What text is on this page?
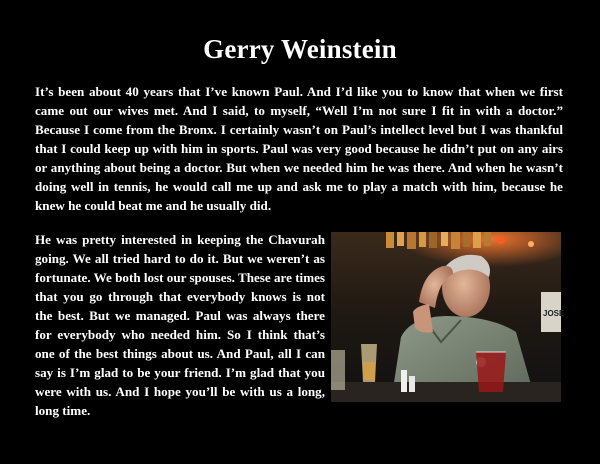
Gerry Weinstein
It’s been about 40 years that I’ve known Paul. And I’d like you to know that when we first came out our wives met. And I said, to myself, “Well I’m not sure I fit in with a doctor.” Because I come from the Bronx. I certainly wasn’t on Paul’s intellect level but I was thankful that I could keep up with him in sports. Paul was very good because he didn’t put on any airs or anything about being a doctor. But when we needed him he was there. And when he wasn’t doing well in tennis, he would call me up and ask me to play a match with him, because he knew he could beat me and he usually did.
He was pretty interested in keeping the Chavurah going. We all tried hard to do it. But we weren’t as fortunate. We both lost our spouses. These are times that you go through that everybody knows is not the best. But we managed. Paul was always there for everybody who needed him. So I think that’s one of the best things about us. And Paul, all I can say is I’m glad to be your friend. I’m glad that you were with us. And I hope you’ll be with us a long, long time.
JOSE
